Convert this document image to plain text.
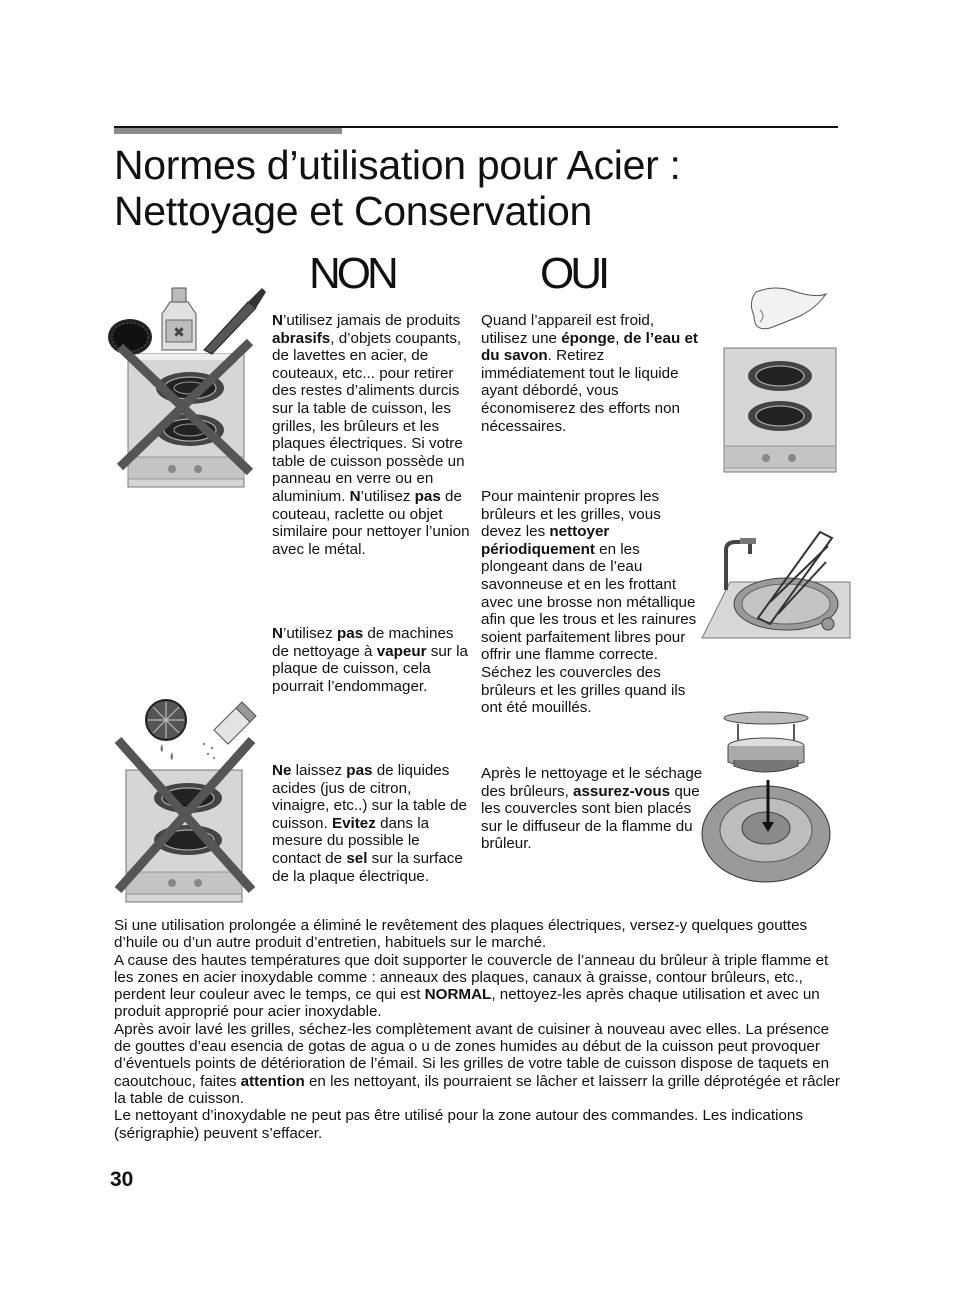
Normes d’utilisation pour Acier :
Nettoyage et Conservation
NON	OUI
N’utilisez jamais de produits abrasifs, d’objets coupants, de lavettes en acier, de couteaux, etc... pour retirer des restes d’aliments durcis sur la table de cuisson, les grilles, les brûleurs et les plaques électriques. Si votre table de cuisson possède un panneau en verre ou en aluminium. N’utilisez pas de couteau, raclette ou objet similaire pour nettoyer l’union avec le métal.
N’utilisez pas de machines de nettoyage à vapeur sur la plaque de cuisson, cela pourrait l’endommager.
Ne laissez pas de liquides acides (jus de citron, vinaigre, etc..) sur la table de cuisson. Evitez dans la mesure du possible le contact de sel sur la surface de la plaque électrique.
Quand l’appareil est froid, utilisez une éponge, de l’eau et du savon. Retirez immédiatement tout le liquide ayant débordé, vous économiserez des efforts non nécessaires.
Pour maintenir propres les brûleurs et les grilles, vous devez les nettoyer périodiquement en les plongeant dans de l’eau savonneuse et en les frottant avec une brosse non métallique afin que les trous et les rainures soient parfaitement libres pour offrir une flamme correcte. Séchez les couvercles des brûleurs et les grilles quand ils ont été mouillés.
Après le nettoyage et le séchage des brûleurs, assurez-vous que les couvercles sont bien placés sur le diffuseur de la flamme du brûleur.
✖

Si une utilisation prolongée a éliminé le revêtement des plaques électriques, versez-y quelques gouttes d’huile ou d’un autre produit d’entretien, habituels sur le marché.

A cause des hautes températures que doit supporter le couvercle de l’anneau du brûleur à triple flamme et les zones en acier inoxydable comme : anneaux des plaques, canaux à graisse, contour brûleurs, etc., perdent leur couleur avec le temps, ce qui est NORMAL, nettoyez-les après chaque utilisation et avec un produit approprié pour acier inoxydable.

Après avoir lavé les grilles, séchez-les complètement avant de cuisiner à nouveau avec elles. La présence de gouttes d’eau esencia de gotas de agua o u de zones humides au début de la cuisson peut provoquer d’éventuels points de détérioration de l’émail. Si les grilles de votre table de cuisson dispose de taquets en caoutchouc, faites attention en les nettoyant, ils pourraient se lâcher et laisserr la grille déprotégée et râcler la table de cuisson.

Le nettoyant d’inoxydable ne peut pas être utilisé pour la zone autour des commandes. Les indications (sérigraphie) peuvent s’effacer.

30
